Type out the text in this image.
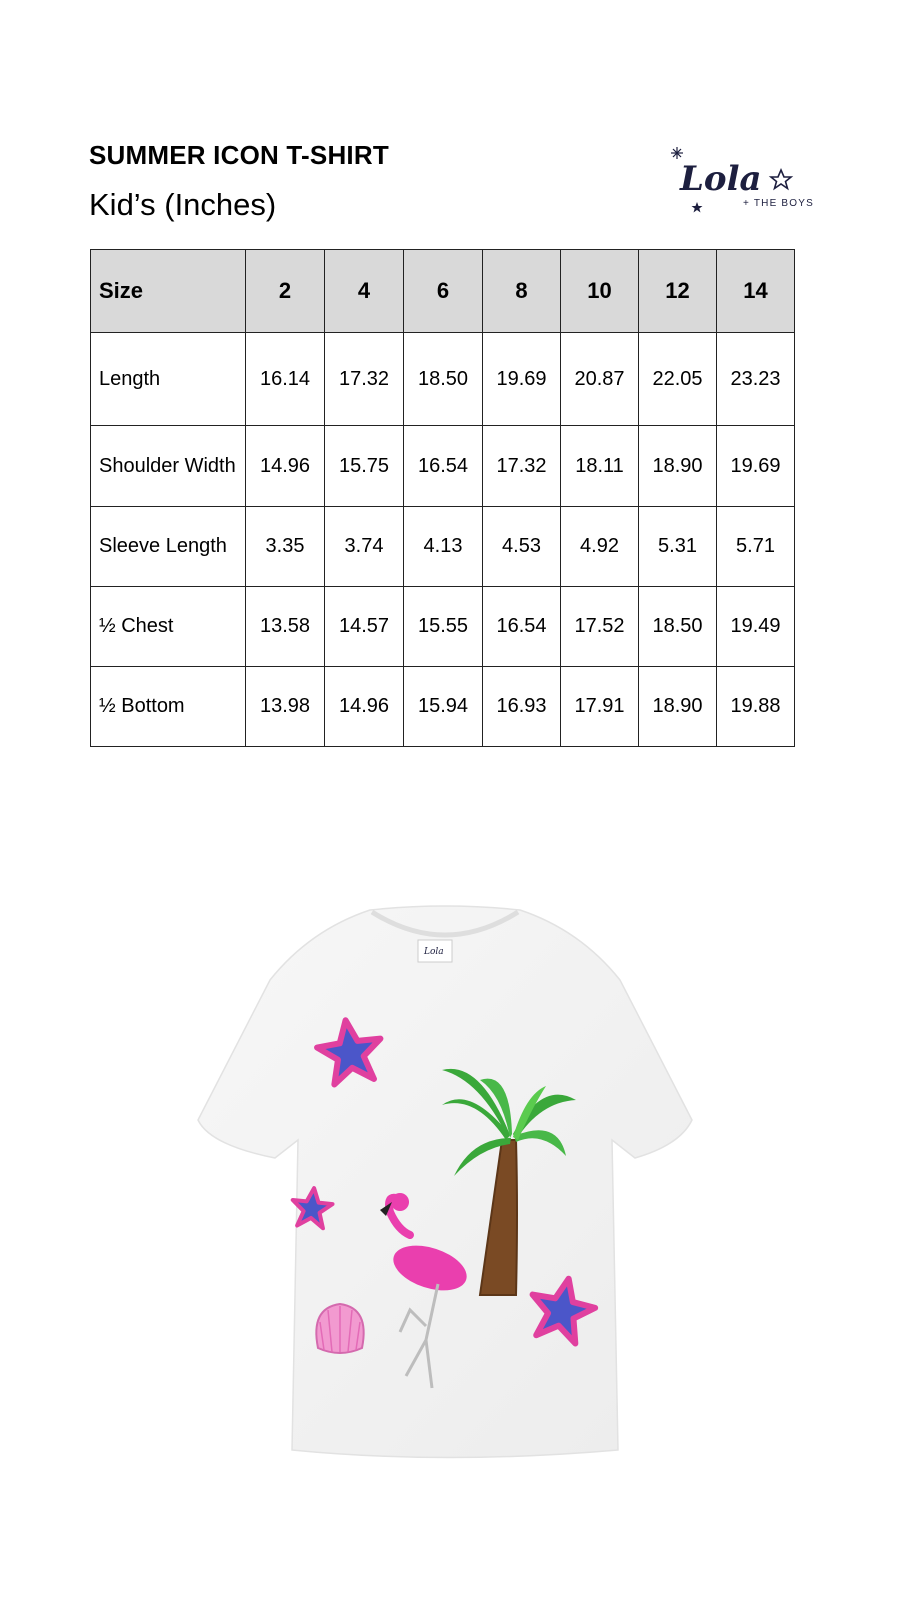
SUMMER ICON T-SHIRT
Kid’s (Inches)
Lola
+ THE BOYS
Size	2	4	6	8	10	12	14
Length	16.14	17.32	18.50	19.69	20.87	22.05	23.23
Shoulder Width	14.96	15.75	16.54	17.32	18.11	18.90	19.69
Sleeve Length	3.35	3.74	4.13	4.53	4.92	5.31	5.71
½ Chest	13.58	14.57	15.55	16.54	17.52	18.50	19.49
½ Bottom	13.98	14.96	15.94	16.93	17.91	18.90	19.88
Lola
